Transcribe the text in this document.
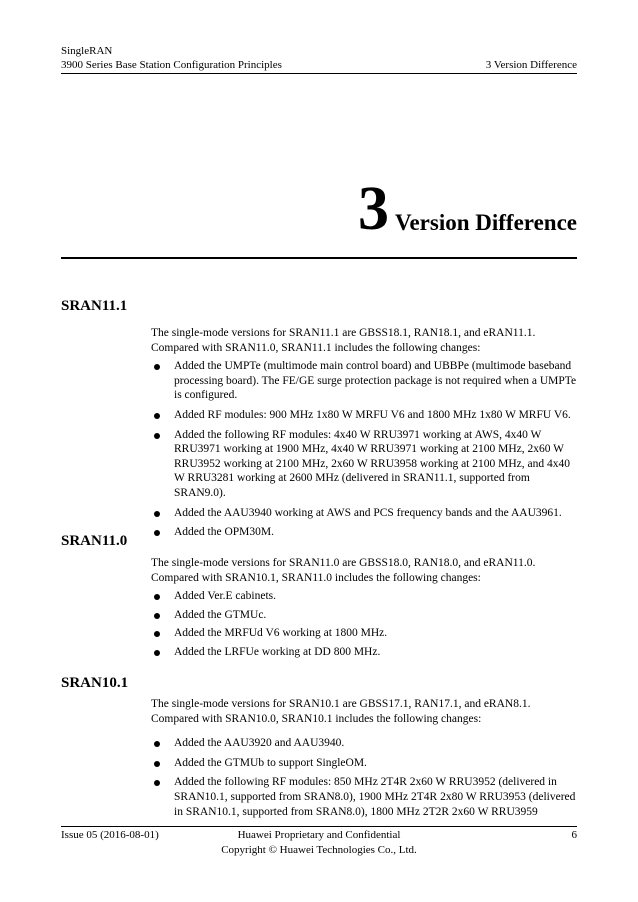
SingleRAN
3900 Series Base Station Configuration Principles	3 Version Difference
3 Version Difference
SRAN11.1

The single-mode versions for SRAN11.1 are GBSS18.1, RAN18.1, and eRAN11.1. Compared with SRAN11.0, SRAN11.1 includes the following changes:

Added the UMPTe (multimode main control board) and UBBPe (multimode baseband processing board). The FE/GE surge protection package is not required when a UMPTe is configured.
Added RF modules: 900 MHz 1x80 W MRFU V6 and 1800 MHz 1x80 W MRFU V6.
Added the following RF modules: 4x40 W RRU3971 working at AWS, 4x40 W RRU3971 working at 1900 MHz, 4x40 W RRU3971 working at 2100 MHz, 2x60 W RRU3952 working at 2100 MHz, 2x60 W RRU3958 working at 2100 MHz, and 4x40 W RRU3281 working at 2600 MHz (delivered in SRAN11.1, supported from SRAN9.0).
Added the AAU3940 working at AWS and PCS frequency bands and the AAU3961.
Added the OPM30M.
SRAN11.0

The single-mode versions for SRAN11.0 are GBSS18.0, RAN18.0, and eRAN11.0. Compared with SRAN10.1, SRAN11.0 includes the following changes:

Added Ver.E cabinets.
Added the GTMUc.
Added the MRFUd V6 working at 1800 MHz.
Added the LRFUe working at DD 800 MHz.
SRAN10.1

The single-mode versions for SRAN10.1 are GBSS17.1, RAN17.1, and eRAN8.1. Compared with SRAN10.0, SRAN10.1 includes the following changes:

Added the AAU3920 and AAU3940.
Added the GTMUb to support SingleOM.
Added the following RF modules: 850 MHz 2T4R 2x60 W RRU3952 (delivered in SRAN10.1, supported from SRAN8.0), 1900 MHz 2T4R 2x80 W RRU3953 (delivered in SRAN10.1, supported from SRAN8.0), 1800 MHz 2T2R 2x60 W RRU3959
Issue 05 (2016-08-01)	Huawei Proprietary and Confidential
Copyright © Huawei Technologies Co., Ltd.
6
